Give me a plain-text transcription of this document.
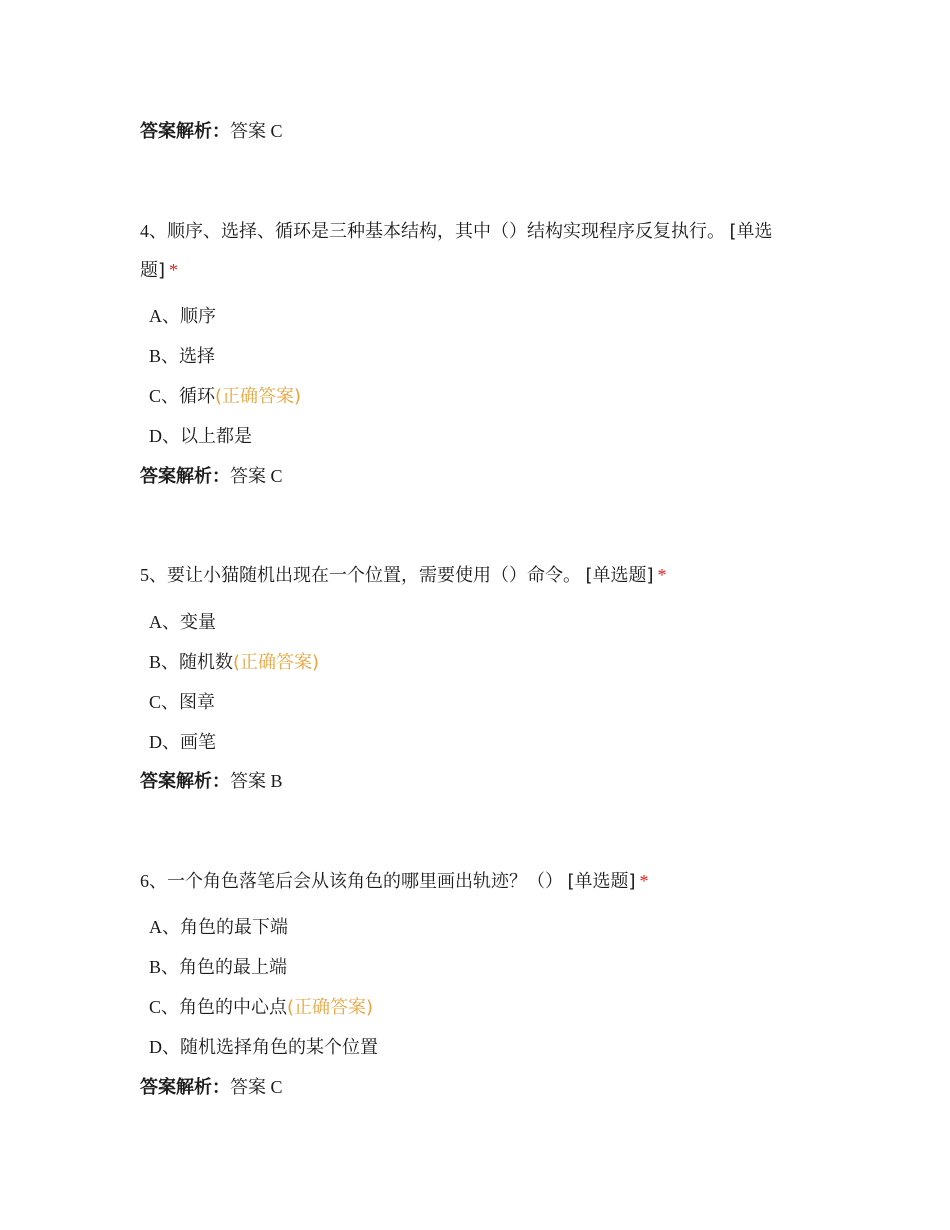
答案解析：答案 C
4、顺序、选择、循环是三种基本结构，其中（）结构实现程序反复执行。 [单选题] *
A、顺序
B、选择
C、循环(正确答案)
D、以上都是
答案解析：答案 C
5、要让小猫随机出现在一个位置，需要使用（）命令。 [单选题] *
A、变量
B、随机数(正确答案)
C、图章
D、画笔
答案解析：答案 B
6、一个角色落笔后会从该角色的哪里画出轨迹？（） [单选题] *
A、角色的最下端
B、角色的最上端
C、角色的中心点(正确答案)
D、随机选择角色的某个位置
答案解析：答案 C
